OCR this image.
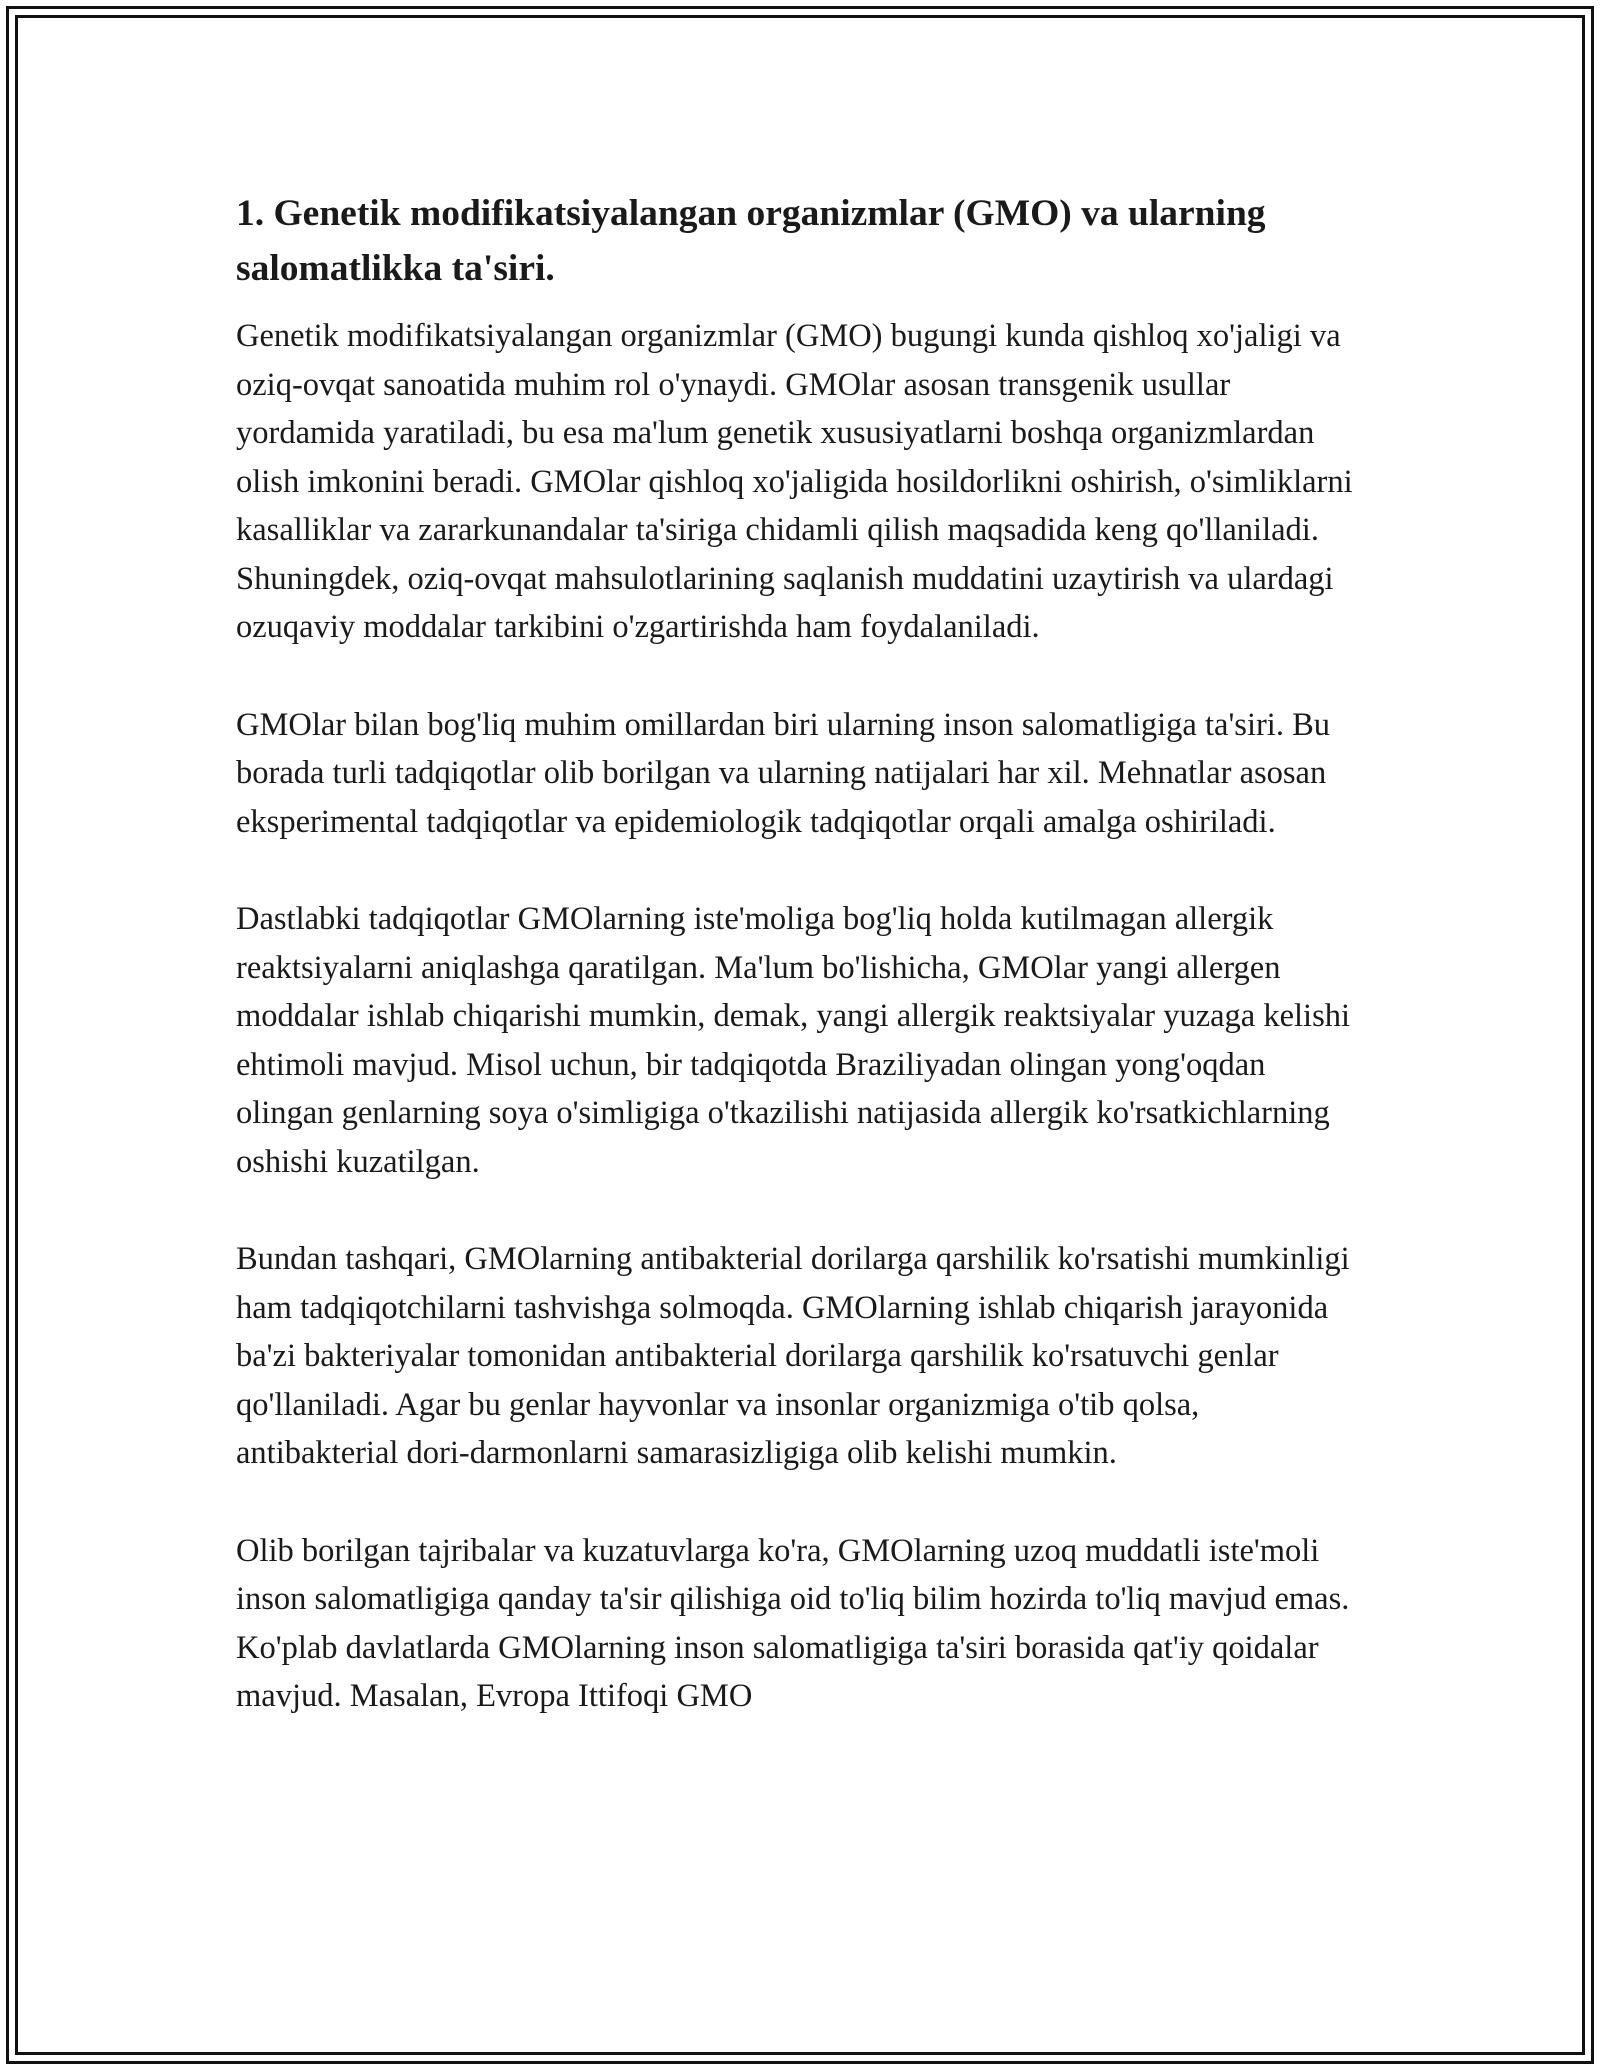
1. Genetik modifikatsiyalangan organizmlar (GMO) va ularning salomatlikka ta'siri.

Genetik modifikatsiyalangan organizmlar (GMO) bugungi kunda qishloq xo'jaligi va oziq-ovqat sanoatida muhim rol o'ynaydi. GMOlar asosan transgenik usullar yordamida yaratiladi, bu esa ma'lum genetik xususiyatlarni boshqa organizmlardan olish imkonini beradi. GMOlar qishloq xo'jaligida hosildorlikni oshirish, o'simliklarni kasalliklar va zararkunandalar ta'siriga chidamli qilish maqsadida keng qo'llaniladi. Shuningdek, oziq-ovqat mahsulotlarining saqlanish muddatini uzaytirish va ulardagi ozuqaviy moddalar tarkibini o'zgartirishda ham foydalaniladi.

GMOlar bilan bog'liq muhim omillardan biri ularning inson salomatligiga ta'siri. Bu borada turli tadqiqotlar olib borilgan va ularning natijalari har xil. Mehnatlar asosan eksperimental tadqiqotlar va epidemiologik tadqiqotlar orqali amalga oshiriladi.

Dastlabki tadqiqotlar GMOlarning iste'moliga bog'liq holda kutilmagan allergik reaktsiyalarni aniqlashga qaratilgan. Ma'lum bo'lishicha, GMOlar yangi allergen moddalar ishlab chiqarishi mumkin, demak, yangi allergik reaktsiyalar yuzaga kelishi ehtimoli mavjud. Misol uchun, bir tadqiqotda Braziliyadan olingan yong'oqdan olingan genlarning soya o'simligiga o'tkazilishi natijasida allergik ko'rsatkichlarning oshishi kuzatilgan.

Bundan tashqari, GMOlarning antibakterial dorilarga qarshilik ko'rsatishi mumkinligi ham tadqiqotchilarni tashvishga solmoqda. GMOlarning ishlab chiqarish jarayonida ba'zi bakteriyalar tomonidan antibakterial dorilarga qarshilik ko'rsatuvchi genlar qo'llaniladi. Agar bu genlar hayvonlar va insonlar organizmiga o'tib qolsa, antibakterial dori-darmonlarni samarasizligiga olib kelishi mumkin.

Olib borilgan tajribalar va kuzatuvlarga ko'ra, GMOlarning uzoq muddatli iste'moli inson salomatligiga qanday ta'sir qilishiga oid to'liq bilim hozirda to'liq mavjud emas. Ko'plab davlatlarda GMOlarning inson salomatligiga ta'siri borasida qat'iy qoidalar mavjud. Masalan, Evropa Ittifoqi GMO
